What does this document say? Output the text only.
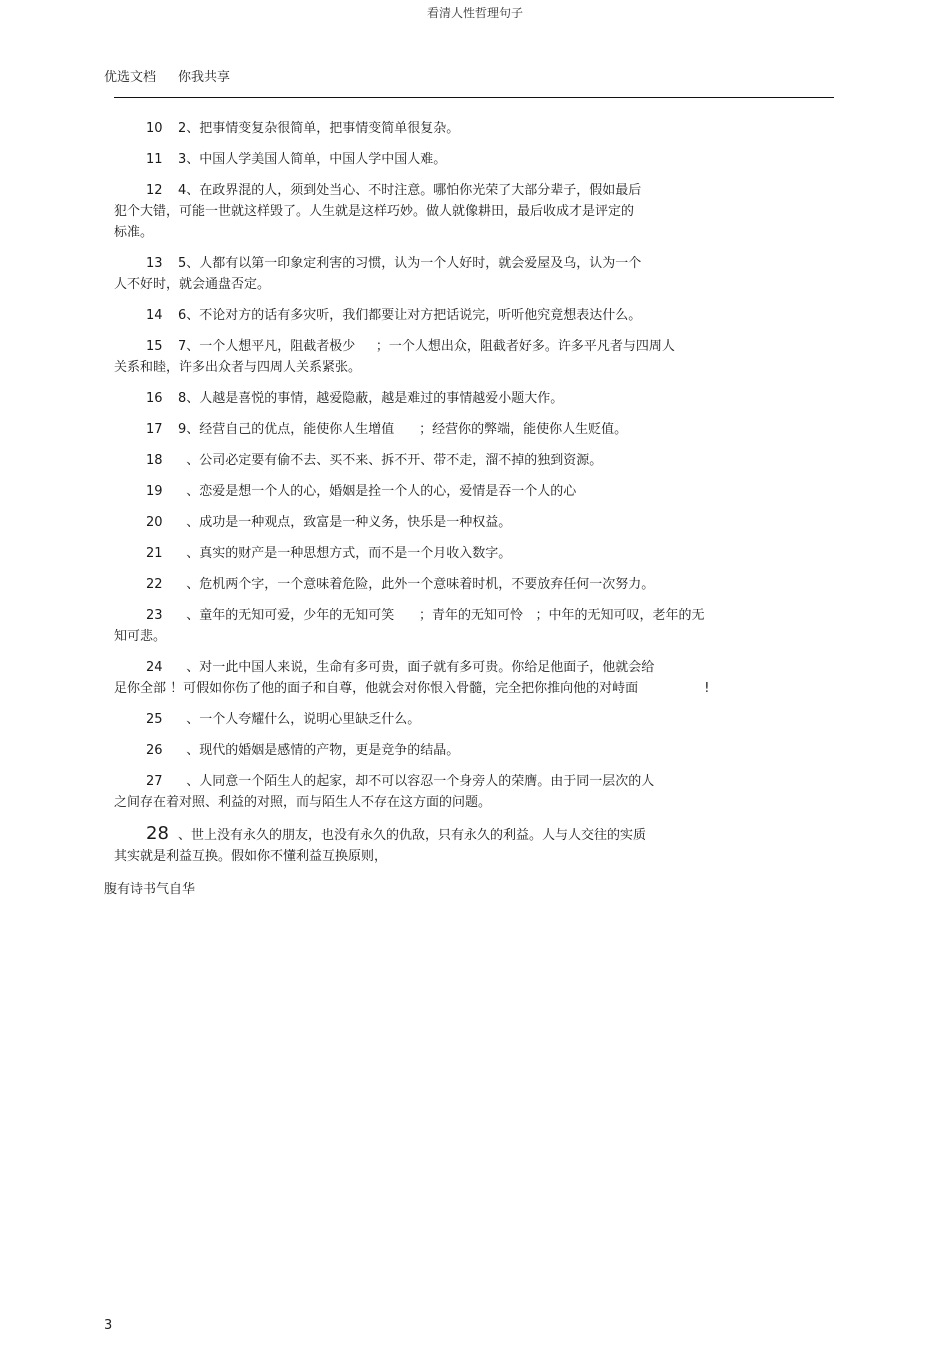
看清人性哲理句子
优选文档 你我共享
10 2、把事情变复杂很简单，把事情变简单很复杂。
11 3、中国人学美国人简单，中国人学中国人难。
12 4、在政界混的人，须到处当心、不时注意。哪怕你光荣了大部分辈子，假如最后
犯个大错，可能一世就这样毁了。人生就是这样巧妙。做人就像耕田，最后收成才是评定的
标准。
13 5、人都有以第一印象定利害的习惯，认为一个人好时，就会爱屋及乌，认为一个
人不好时，就会通盘否定。
14 6、不论对方的话有多灾听，我们都要让对方把话说完，听听他究竟想表达什么。
15 7、一个人想平凡，阻截者极少     ；一个人想出众，阻截者好多。许多平凡者与四周人
关系和睦，许多出众者与四周人关系紧张。
16 8、人越是喜悦的事情，越爱隐蔽，越是难过的事情越爱小题大作。
17 9、经营自己的优点，能使你人生增值      ；经营你的弊端，能使你人生贬值。
18  、公司必定要有偷不去、买不来、拆不开、带不走，溜不掉的独到资源。
19  、恋爱是想一个人的心，婚姻是拴一个人的心，爱情是吞一个人的心
20  、成功是一种观点，致富是一种义务，快乐是一种权益。
21  、真实的财产是一种思想方式，而不是一个月收入数字。
22  、危机两个字，一个意味着危险，此外一个意味着时机，不要放弃任何一次努力。
23  、童年的无知可爱，少年的无知可笑      ；青年的无知可怜   ；中年的无知可叹，老年的无
知可悲。
24  、对一此中国人来说，生命有多可贵，面子就有多可贵。你给足他面子，他就会给
足你全部 ！可假如你伤了他的面子和自尊，他就会对你恨入骨髓，完全把你推向他的对峙面                !
25  、一个人夸耀什么，说明心里缺乏什么。
26  、现代的婚姻是感情的产物，更是竞争的结晶。
27  、人同意一个陌生人的起家，却不可以容忍一个身旁人的荣膺。由于同一层次的人
之间存在着对照、利益的对照，而与陌生人不存在这方面的问题。
28 、世上没有永久的朋友，也没有永久的仇敌，只有永久的利益。人与人交往的实质
其实就是利益互换。假如你不懂利益互换原则，
腹有诗书气自华
3
